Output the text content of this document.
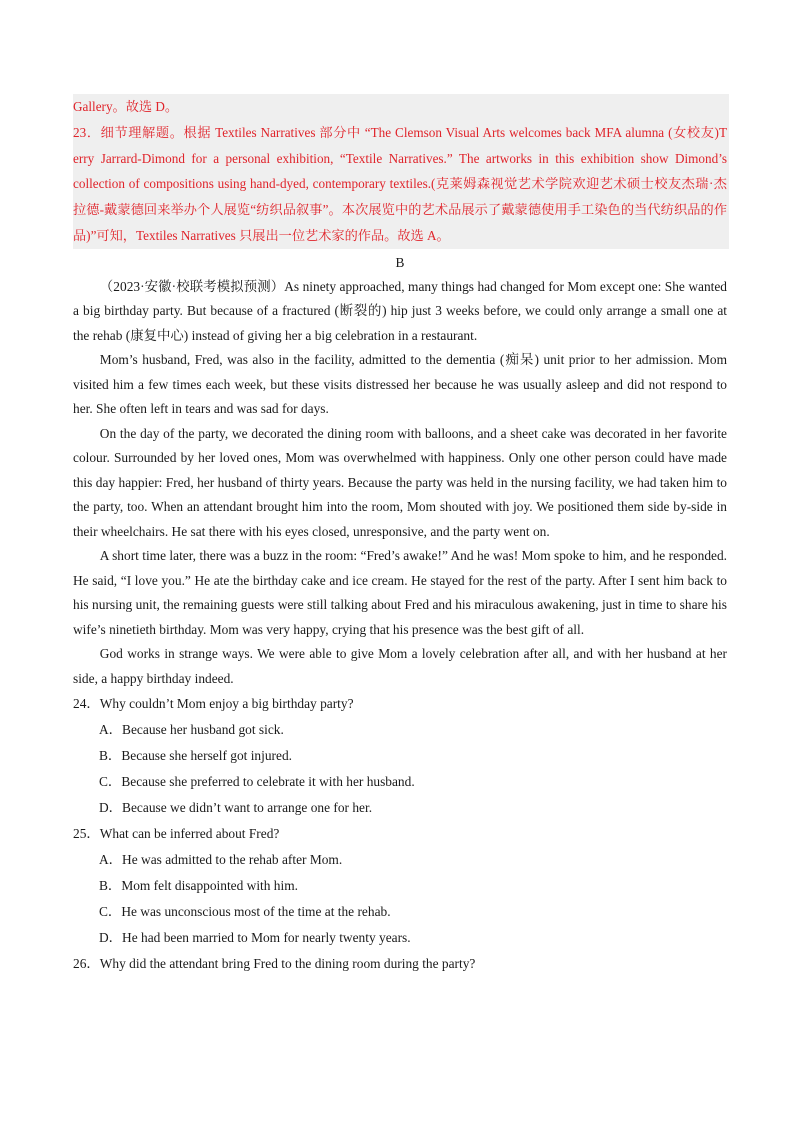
Gallery。故选 D。

23．细节理解题。根据 Textiles Narratives 部分中 “The Clemson Visual Arts welcomes back MFA alumna (女校友)T erry Jarrard-Dimond for a personal exhibition, “Textile Narratives.” The artworks in this exhibition show Dimond’s collection of compositions using hand-dyed, contemporary textiles.(克莱姆森视觉艺术学院欢迎艺术硕士校友杰瑞·杰拉德-戴蒙德回来举办个人展览“纺织品叙事”。本次展览中的艺术品展示了戴蒙德使用手工染色的当代纺织品的作品)”可知，Textiles Narratives 只展出一位艺术家的作品。故选 A。

B

（2023·安徽·校联考模拟预测）As ninety approached, many things had changed for Mom except one: She wanted a big birthday party. But because of a fractured (断裂的) hip just 3 weeks before, we could only arrange a small one at the rehab (康复中心) instead of giving her a big celebration in a restaurant.

Mom’s husband, Fred, was also in the facility, admitted to the dementia (痴呆) unit prior to her admission. Mom visited him a few times each week, but these visits distressed her because he was usually asleep and did not respond to her. She often left in tears and was sad for days.

On the day of the party, we decorated the dining room with balloons, and a sheet cake was decorated in her favorite colour. Surrounded by her loved ones, Mom was overwhelmed with happiness. Only one other person could have made this day happier: Fred, her husband of thirty years. Because the party was held in the nursing facility, we had taken him to the party, too. When an attendant brought him into the room, Mom shouted with joy. We positioned them side by-side in their wheelchairs. He sat there with his eyes closed, unresponsive, and the party went on.

A short time later, there was a buzz in the room: “Fred’s awake!” And he was! Mom spoke to him, and he responded. He said, “I love you.” He ate the birthday cake and ice cream. He stayed for the rest of the party. After I sent him back to his nursing unit, the remaining guests were still talking about Fred and his miraculous awakening, just in time to share his wife’s ninetieth birthday. Mom was very happy, crying that his presence was the best gift of all.

God works in strange ways. We were able to give Mom a lovely celebration after all, and with her husband at her side, a happy birthday indeed.

24．Why couldn’t Mom enjoy a big birthday party?

A．Because her husband got sick.

B．Because she herself got injured.

C．Because she preferred to celebrate it with her husband.

D．Because we didn’t want to arrange one for her.

25．What can be inferred about Fred?

A．He was admitted to the rehab after Mom.

B．Mom felt disappointed with him.

C．He was unconscious most of the time at the rehab.

D．He had been married to Mom for nearly twenty years.

26．Why did the attendant bring Fred to the dining room during the party?
